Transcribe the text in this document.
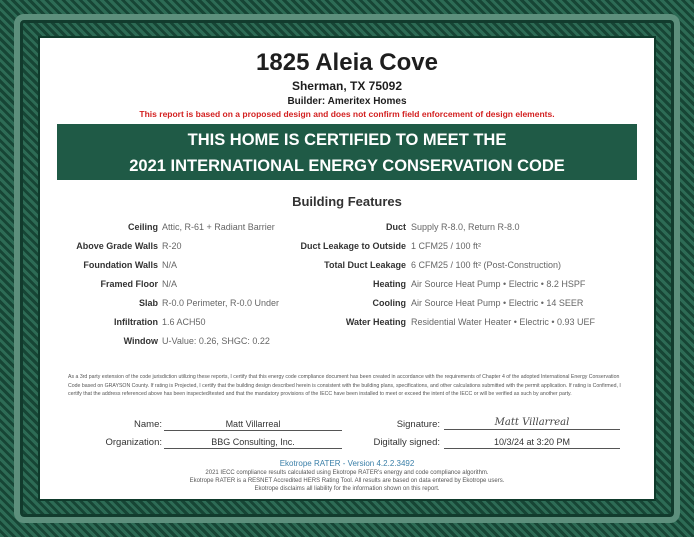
1825 Aleia Cove
Sherman, TX 75092
Builder: Ameritex Homes
This report is based on a proposed design and does not confirm field enforcement of design elements.
THIS HOME IS CERTIFIED TO MEET THE
2021 INTERNATIONAL ENERGY CONSERVATION CODE
Building Features
Ceiling Attic, R-61 + Radiant Barrier
Above Grade Walls R-20
Foundation Walls N/A
Framed Floor N/A
Slab R-0.0 Perimeter, R-0.0 Under
Infiltration 1.6 ACH50
Window U-Value: 0.26, SHGC: 0.22
Duct Supply R-8.0, Return R-8.0
Duct Leakage to Outside 1 CFM25 / 100 ft²
Total Duct Leakage 6 CFM25 / 100 ft² (Post-Construction)
Heating Air Source Heat Pump • Electric • 8.2 HSPF
Cooling Air Source Heat Pump • Electric • 14 SEER
Water Heating Residential Water Heater • Electric • 0.93 UEF
As a 3rd party extension of the code jurisdiction utilizing these reports, I certify that this energy code compliance document has been created in accordance with the requirements of Chapter 4 of the adopted International Energy Conservation Code based on GRAYSON County. If rating is Projected, I certify that the building design described herein is consistent with the building plans, specifications, and other calculations submitted with the permit application. If rating is Confirmed, I certify that the address referenced above has been inspected/tested and that the mandatory provisions of the IECC have been installed to meet or exceed the intent of the IECC or will be verified as such by another party.
Name:	Matt Villarreal	Signature:	Matt Villarreal
Organization:	BBG Consulting, Inc.	Digitally signed:	10/3/24 at 3:20 PM
Ekotrope RATER - Version 4.2.2.3492
2021 IECC compliance results calculated using Ekotrope RATER's energy and code compliance algorithm.
Ekotrope RATER is a RESNET Accredited HERS Rating Tool. All results are based on data entered by Ekotrope users.
Ekotrope disclaims all liability for the information shown on this report.
